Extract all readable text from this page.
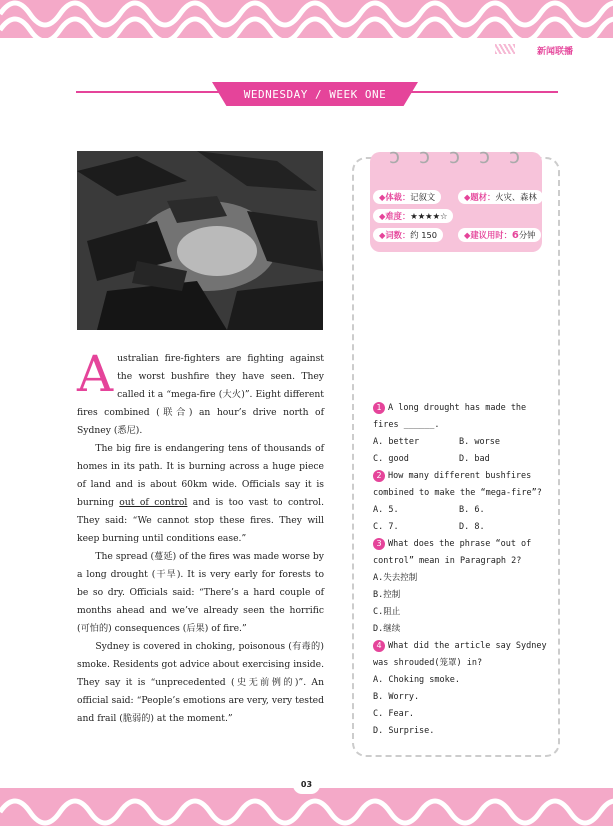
新闻联播
WEDNESDAY / WEEK ONE

Australian fire-fighters are fighting against the worst bushfire they have seen. They called it a “mega-fire (大火)”. Eight different fires combined (联合) an hour’s drive north of Sydney (悉尼).

The big fire is endangering tens of thousands of homes in its path. It is burning across a huge piece of land and is about 60km wide. Officials say it is burning out of control and is too vast to control. They said: “We cannot stop these fires. They will keep burning until conditions ease.”

The spread (蔓延) of the fires was made worse by a long drought (干旱). It is very early for forests to be so dry. Officials said: “There’s a hard couple of months ahead and we’ve already seen the horrific (可怕的) consequences (后果) of fire.”

Sydney is covered in choking, poisonous (有毒的) smoke. Residents got advice about exercising inside. They say it is “unprecedented (史无前例的)”. An official said: “People’s emotions are very, very tested and frail (脆弱的) at the moment.”

ↄ ↄ ↄ ↄ ↄ
◆体裁：记叙文	◆题材：火灾、森林
◆难度：★★★★☆
◆词数：约 150	◆建议用时：6分钟
1 A long drought has made the fires ______.
A. better	B. worse
C. good	D. bad
2 How many different bushfires combined to make the “mega-fire”?
A. 5.	B. 6.
C. 7.	D. 8.
3 What does the phrase “out of control” mean in Paragraph 2?
A.失去控制
B.控制
C.阻止
D.继续
4 What did the article say Sydney was shrouded(笼罩) in?
A. Choking smoke.
B. Worry.
C. Fear.
D. Surprise.
03
